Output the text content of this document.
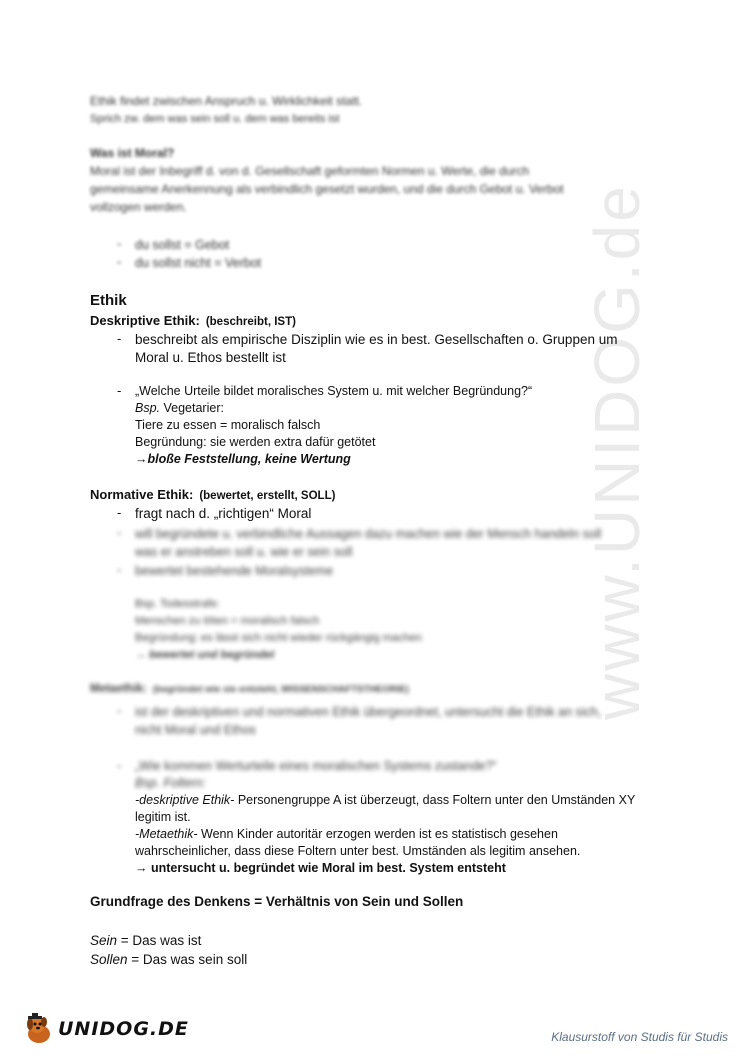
www.UNIDOG.de
Ethik findet zwischen Anspruch u. Wirklichkeit statt.
Sprich zw. dem was sein soll u. dem was bereits ist
Was ist Moral?
Moral ist der Inbegriff d. von d. Gesellschaft geformten Normen u. Werte, die durch
gemeinsame Anerkennung als verbindlich gesetzt wurden, und die durch Gebot u. Verbot
vollzogen werden.
- du sollst = Gebot
- du sollst nicht = Verbot
Ethik
Deskriptive Ethik: (beschreibt, IST)
- beschreibt als empirische Disziplin wie es in best. Gesellschaften o. Gruppen um
Moral u. Ethos bestellt ist
- „Welche Urteile bildet moralisches System u. mit welcher Begründung?“
Bsp. Vegetarier:
Tiere zu essen = moralisch falsch
Begründung: sie werden extra dafür getötet
→bloße Feststellung, keine Wertung
Normative Ethik: (bewertet, erstellt, SOLL)
- fragt nach d. „richtigen“ Moral
- will begründete u. verbindliche Aussagen dazu machen wie der Mensch handeln soll
was er anstreben soll u. wie er sein soll
- bewertet bestehende Moralsysteme
Bsp. Todesstrafe:
Menschen zu töten = moralisch falsch
Begründung: es lässt sich nicht wieder rückgängig machen
→ bewertet und begründet
Metaethik: (begründet wie sie entsteht, WISSENSCHAFTSTHEORIE)
- ist der deskriptiven und normativen Ethik übergeordnet, untersucht die Ethik an sich,
nicht Moral und Ethos
- „Wie kommen Werturteile eines moralischen Systems zustande?“
Bsp. Foltern:
-deskriptive Ethik- Personengruppe A ist überzeugt, dass Foltern unter den Umständen XY
legitim ist.
-Metaethik- Wenn Kinder autoritär erzogen werden ist es statistisch gesehen
wahrscheinlicher, dass diese Foltern unter best. Umständen als legitim ansehen.
→ untersucht u. begründet wie Moral im best. System entsteht
Grundfrage des Denkens = Verhältnis von Sein und Sollen
Sein = Das was ist
Sollen = Das was sein soll
UNIDOG.DE	Klausurstoff von Studis für Studis
